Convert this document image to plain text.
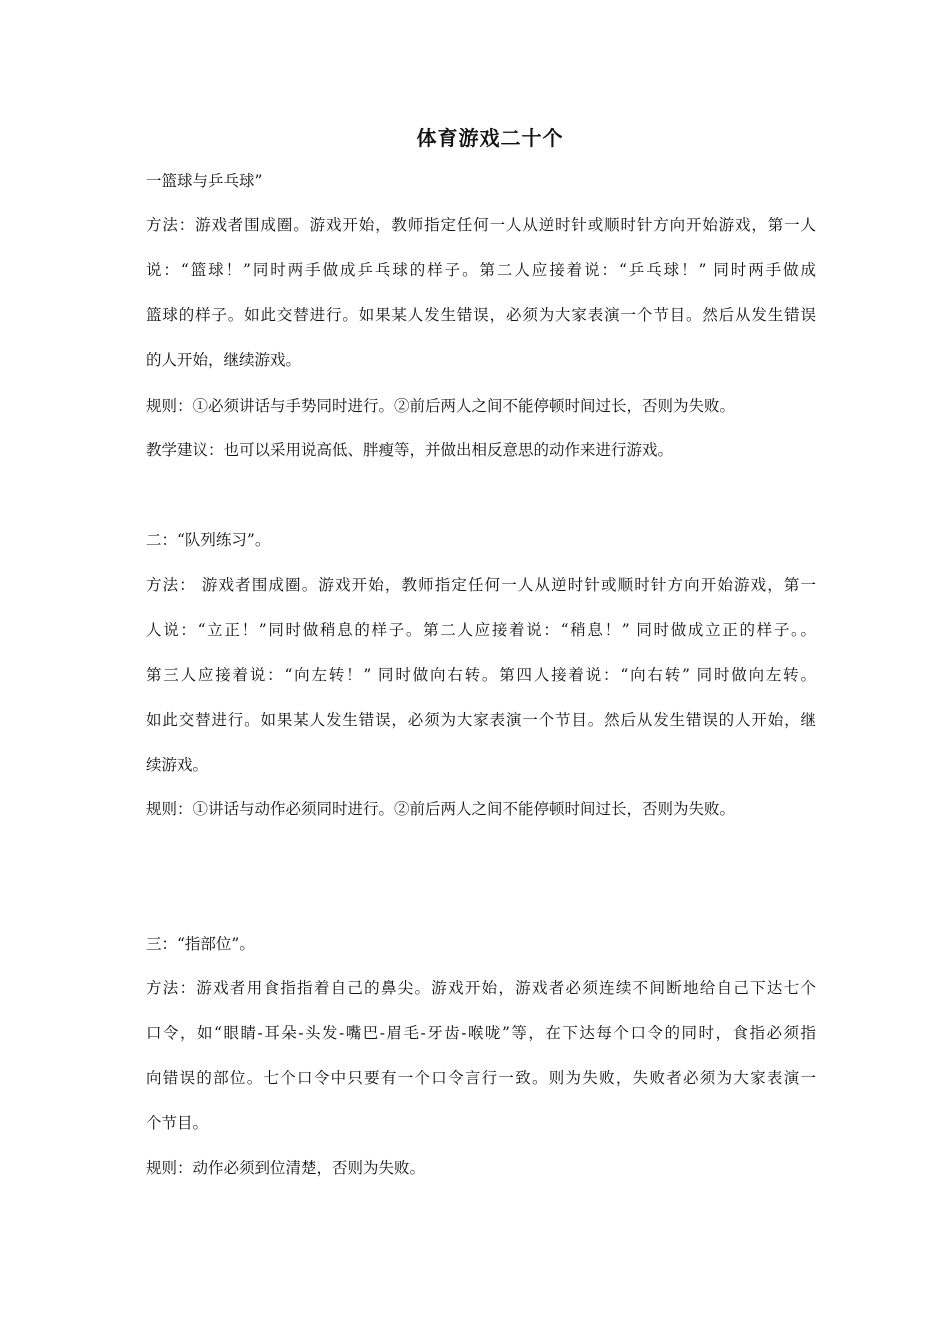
体育游戏二十个
一篮球与乒乓球”
方法：游戏者围成圈。游戏开始，教师指定任何一人从逆时针或顺时针方向开始游戏，第一人
说：“篮球！”同时两手做成乒乓球的样子。第二人应接着说：“乒乓球！” 同时两手做成
篮球的样子。如此交替进行。如果某人发生错误，必须为大家表演一个节目。然后从发生错误
的人开始，继续游戏。
规则：①必须讲话与手势同时进行。②前后两人之间不能停顿时间过长，否则为失败。
教学建议：也可以采用说高低、胖瘦等，并做出相反意思的动作来进行游戏。
二：“队列练习”。
方法： 游戏者围成圈。游戏开始，教师指定任何一人从逆时针或顺时针方向开始游戏，第一
人说：“立正！”同时做稍息的样子。第二人应接着说：“稍息！” 同时做成立正的样子。。
第三人应接着说：“向左转！” 同时做向右转。第四人接着说：“向右转” 同时做向左转。
如此交替进行。如果某人发生错误，必须为大家表演一个节目。然后从发生错误的人开始，继
续游戏。
规则：①讲话与动作必须同时进行。②前后两人之间不能停顿时间过长，否则为失败。
三：“指部位”。
方法：游戏者用食指指着自己的鼻尖。游戏开始，游戏者必须连续不间断地给自己下达七个
口令，如“眼睛-耳朵-头发-嘴巴-眉毛-牙齿-喉咙”等，在下达每个口令的同时，食指必须指
向错误的部位。七个口令中只要有一个口令言行一致。则为失败，失败者必须为大家表演一
个节目。
规则：动作必须到位清楚，否则为失败。
